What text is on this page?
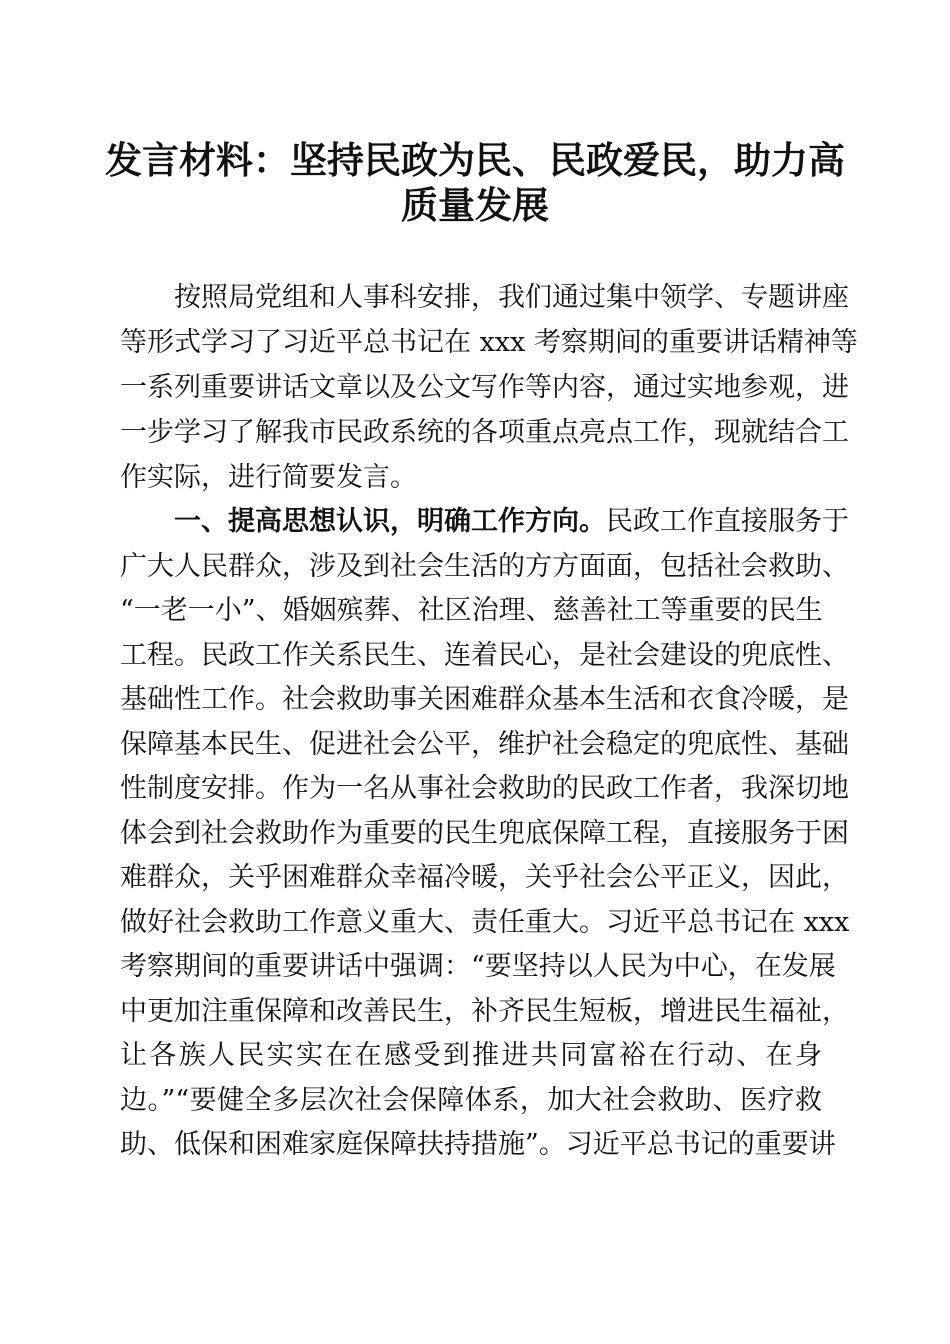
发言材料：坚持民政为民、民政爱民，助力高
质量发展
按照局党组和人事科安排，我们通过集中领学、专题讲座
等形式学习了习近平总书记在 xxx 考察期间的重要讲话精神等
一系列重要讲话文章以及公文写作等内容，通过实地参观，进
一步学习了解我市民政系统的各项重点亮点工作，现就结合工
作实际，进行简要发言。
一、提高思想认识，明确工作方向。民政工作直接服务于
广大人民群众，涉及到社会生活的方方面面，包括社会救助、
“一老一小”、婚姻殡葬、社区治理、慈善社工等重要的民生
工程。民政工作关系民生、连着民心，是社会建设的兜底性、
基础性工作。社会救助事关困难群众基本生活和衣食冷暖，是
保障基本民生、促进社会公平，维护社会稳定的兜底性、基础
性制度安排。作为一名从事社会救助的民政工作者，我深切地
体会到社会救助作为重要的民生兜底保障工程，直接服务于困
难群众，关乎困难群众幸福冷暖，关乎社会公平正义，因此，
做好社会救助工作意义重大、责任重大。习近平总书记在 xxx
考察期间的重要讲话中强调：“要坚持以人民为中心，在发展
中更加注重保障和改善民生，补齐民生短板，增进民生福祉，
让各族人民实实在在感受到推进共同富裕在行动、在身
边。”“要健全多层次社会保障体系，加大社会救助、医疗救
助、低保和困难家庭保障扶持措施”。习近平总书记的重要讲
